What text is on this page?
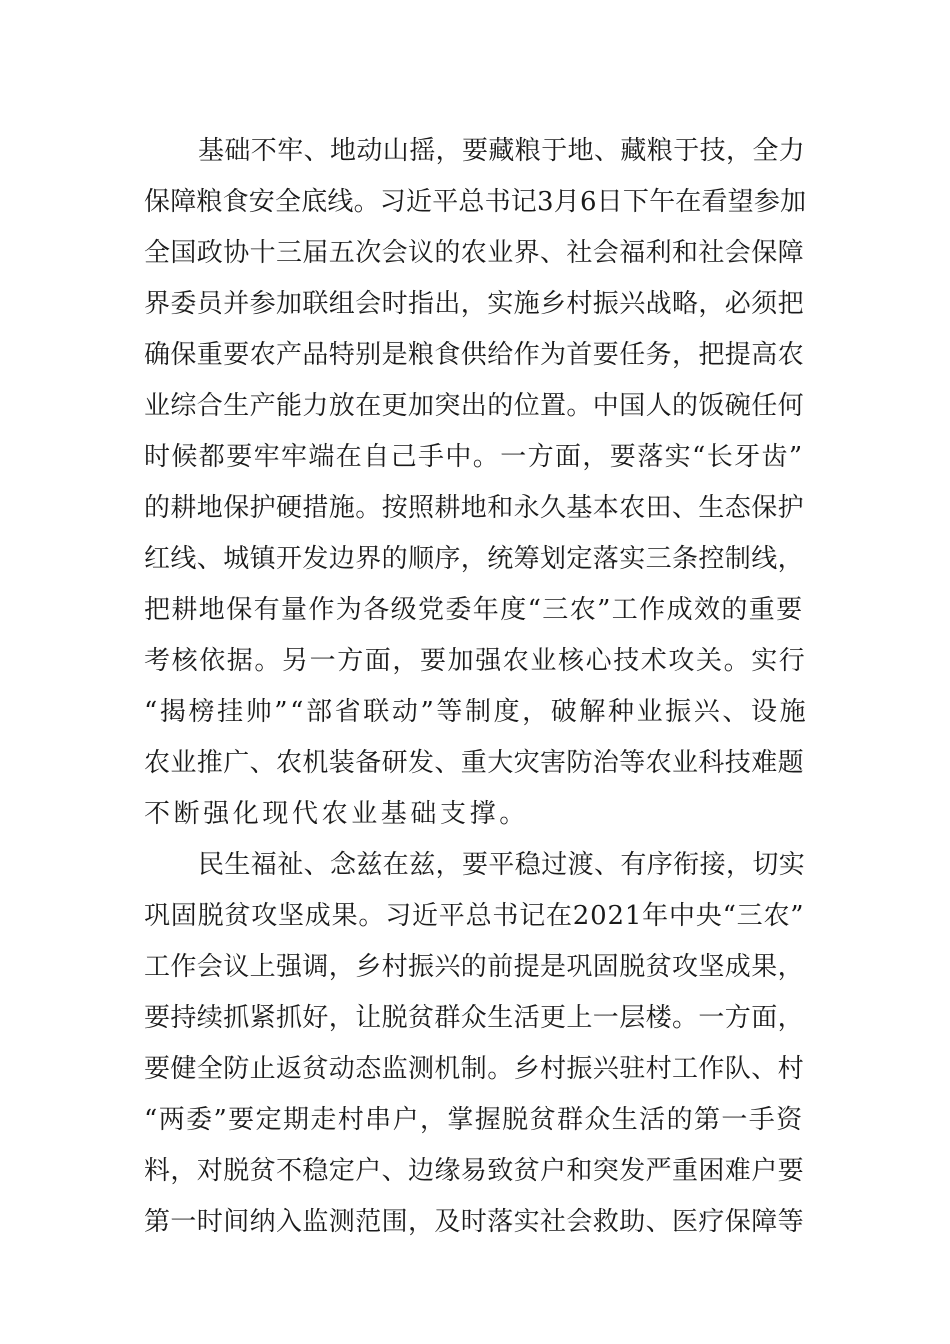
基础不牢、地动山摇，要藏粮于地、藏粮于技，全力
保障粮食安全底线。习近平总书记3月6日下午在看望参加
全国政协十三届五次会议的农业界、社会福利和社会保障
界委员并参加联组会时指出，实施乡村振兴战略，必须把
确保重要农产品特别是粮食供给作为首要任务，把提高农
业综合生产能力放在更加突出的位置。中国人的饭碗任何
时候都要牢牢端在自己手中。一方面，要落实“长牙齿”
的耕地保护硬措施。按照耕地和永久基本农田、生态保护
红线、城镇开发边界的顺序，统筹划定落实三条控制线，
把耕地保有量作为各级党委年度“三农”工作成效的重要
考核依据。另一方面，要加强农业核心技术攻关。实行
“揭榜挂帅”“部省联动”等制度，破解种业振兴、设施
农业推广、农机装备研发、重大灾害防治等农业科技难题
不断强化现代农业基础支撑。
民生福祉、念兹在兹，要平稳过渡、有序衔接，切实
巩固脱贫攻坚成果。习近平总书记在2021年中央“三农”
工作会议上强调，乡村振兴的前提是巩固脱贫攻坚成果，
要持续抓紧抓好，让脱贫群众生活更上一层楼。一方面，
要健全防止返贫动态监测机制。乡村振兴驻村工作队、村
“两委”要定期走村串户，掌握脱贫群众生活的第一手资
料，对脱贫不稳定户、边缘易致贫户和突发严重困难户要
第一时间纳入监测范围，及时落实社会救助、医疗保障等
